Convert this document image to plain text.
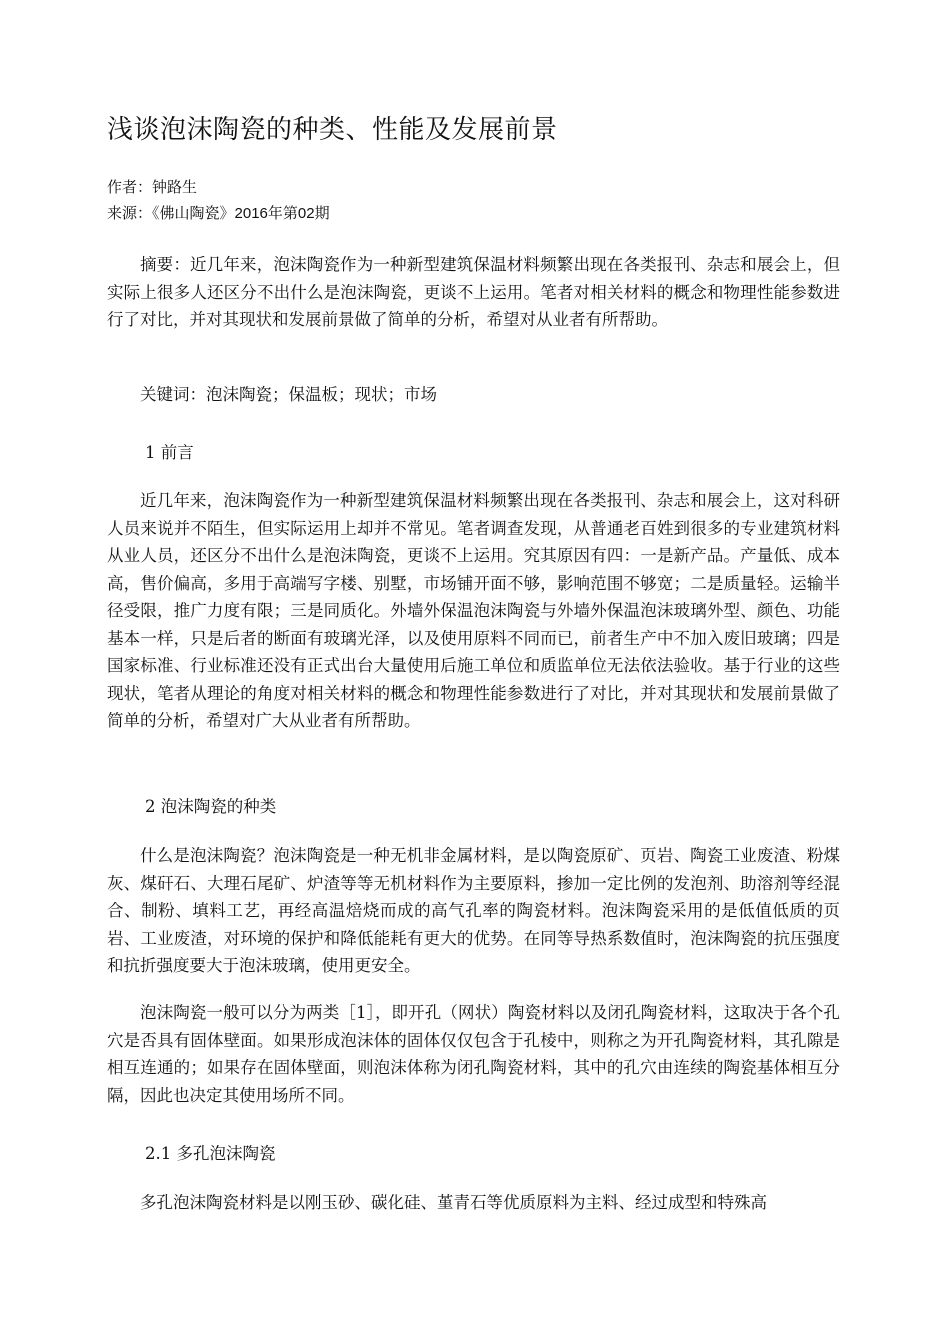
浅谈泡沫陶瓷的种类、性能及发展前景

作者：钟路生

来源：《佛山陶瓷》2016年第02期

摘要：近几年来，泡沫陶瓷作为一种新型建筑保温材料频繁出现在各类报刊、杂志和展会上，但实际上很多人还区分不出什么是泡沫陶瓷，更谈不上运用。笔者对相关材料的概念和物理性能参数进行了对比，并对其现状和发展前景做了简单的分析，希望对从业者有所帮助。

关键词：泡沫陶瓷；保温板；现状；市场

1 前言

近几年来，泡沫陶瓷作为一种新型建筑保温材料频繁出现在各类报刊、杂志和展会上，这对科研人员来说并不陌生，但实际运用上却并不常见。笔者调查发现，从普通老百姓到很多的专业建筑材料从业人员，还区分不出什么是泡沫陶瓷，更谈不上运用。究其原因有四：一是新产品。产量低、成本高，售价偏高，多用于高端写字楼、别墅，市场铺开面不够，影响范围不够宽；二是质量轻。运输半径受限，推广力度有限；三是同质化。外墙外保温泡沫陶瓷与外墙外保温泡沫玻璃外型、颜色、功能基本一样，只是后者的断面有玻璃光泽，以及使用原料不同而已，前者生产中不加入废旧玻璃；四是国家标准、行业标准还没有正式出台大量使用后施工单位和质监单位无法依法验收。基于行业的这些现状，笔者从理论的角度对相关材料的概念和物理性能参数进行了对比，并对其现状和发展前景做了简单的分析，希望对广大从业者有所帮助。

2 泡沫陶瓷的种类

什么是泡沫陶瓷？泡沫陶瓷是一种无机非金属材料，是以陶瓷原矿、页岩、陶瓷工业废渣、粉煤灰、煤矸石、大理石尾矿、炉渣等等无机材料作为主要原料，掺加一定比例的发泡剂、助溶剂等经混合、制粉、填料工艺，再经高温焙烧而成的高气孔率的陶瓷材料。泡沫陶瓷采用的是低值低质的页岩、工业废渣，对环境的保护和降低能耗有更大的优势。在同等导热系数值时，泡沫陶瓷的抗压强度和抗折强度要大于泡沫玻璃，使用更安全。

泡沫陶瓷一般可以分为两类［1］，即开孔（网状）陶瓷材料以及闭孔陶瓷材料，这取决于各个孔穴是否具有固体壁面。如果形成泡沫体的固体仅仅包含于孔棱中，则称之为开孔陶瓷材料，其孔隙是相互连通的；如果存在固体壁面，则泡沫体称为闭孔陶瓷材料，其中的孔穴由连续的陶瓷基体相互分隔，因此也决定其使用场所不同。

2.1 多孔泡沫陶瓷

多孔泡沫陶瓷材料是以刚玉砂、碳化硅、堇青石等优质原料为主料、经过成型和特殊高
